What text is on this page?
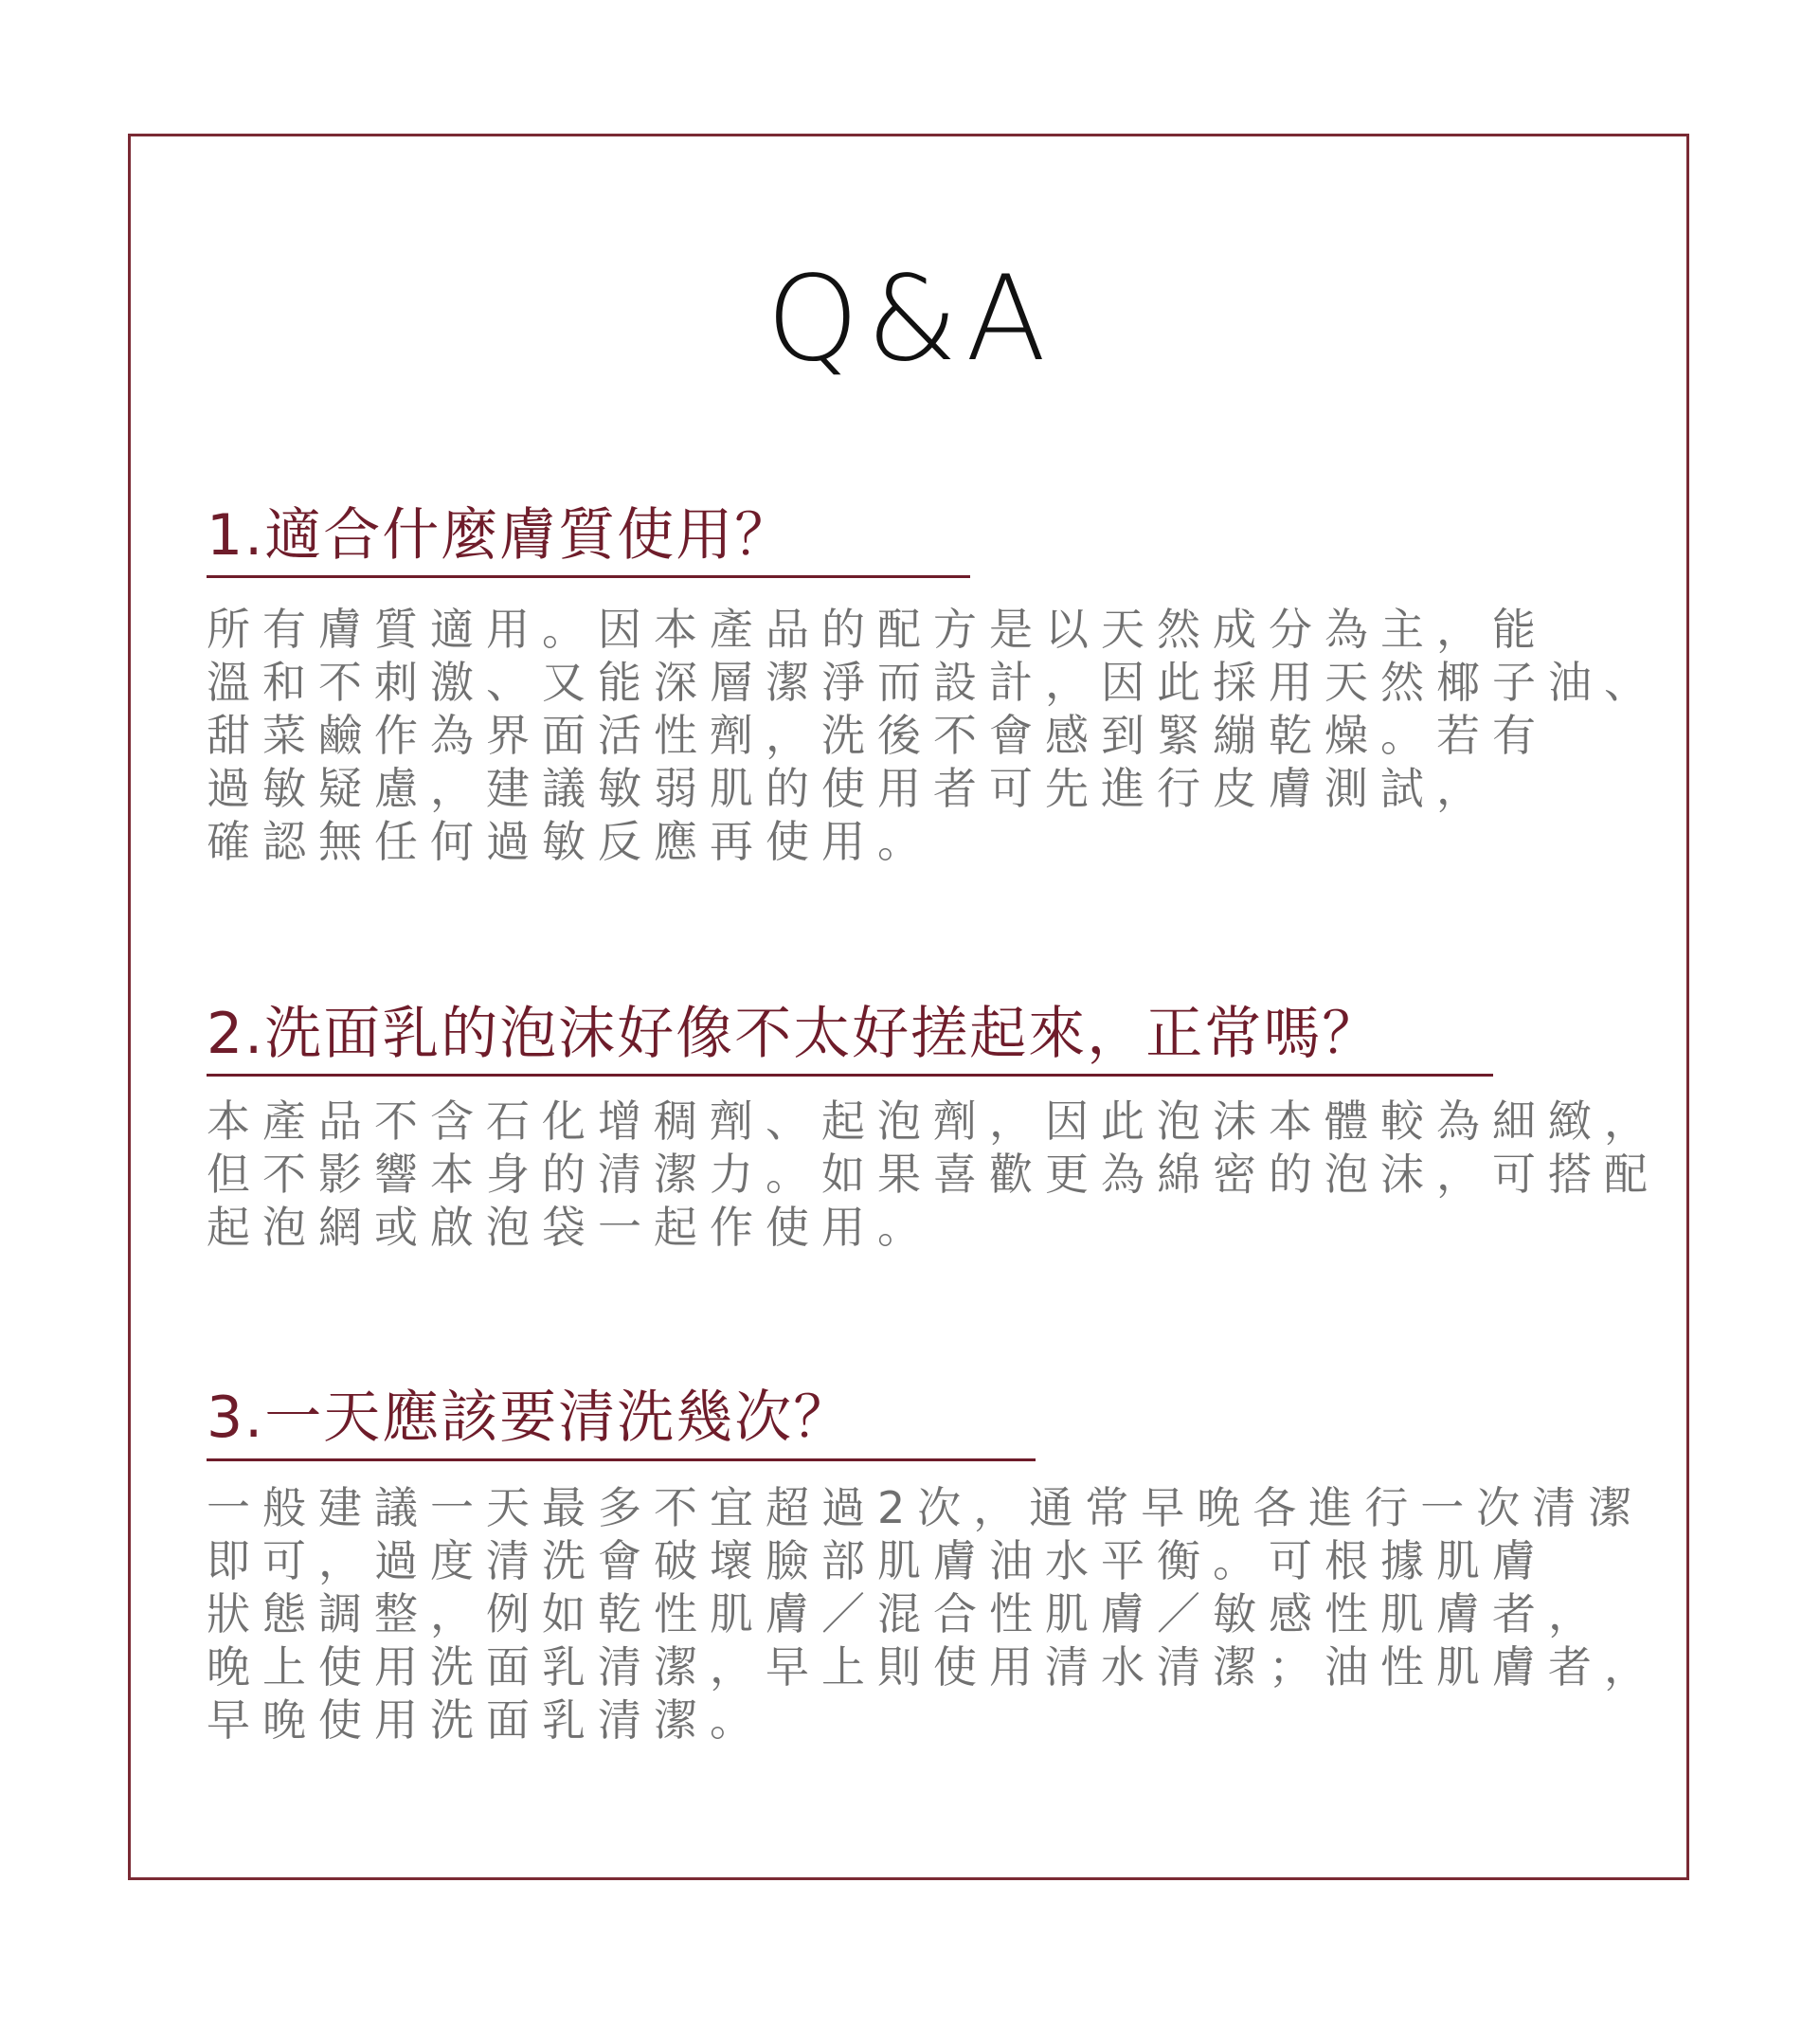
Q&A
1.適合什麼膚質使用？
所有膚質適用。因本產品的配方是以天然成分為主，能
溫和不刺激、又能深層潔淨而設計，因此採用天然椰子油、
甜菜鹼作為界面活性劑，洗後不會感到緊繃乾燥。若有
過敏疑慮，建議敏弱肌的使用者可先進行皮膚測試，
確認無任何過敏反應再使用。
2.洗面乳的泡沫好像不太好搓起來，正常嗎？
本產品不含石化增稠劑、起泡劑，因此泡沫本體較為細緻，
但不影響本身的清潔力。如果喜歡更為綿密的泡沫，可搭配
起泡網或啟泡袋一起作使用。
3.一天應該要清洗幾次？
一般建議一天最多不宜超過2次，通常早晚各進行一次清潔
即可，過度清洗會破壞臉部肌膚油水平衡。可根據肌膚
狀態調整，例如乾性肌膚／混合性肌膚／敏感性肌膚者，
晚上使用洗面乳清潔，早上則使用清水清潔；油性肌膚者，
早晚使用洗面乳清潔。
